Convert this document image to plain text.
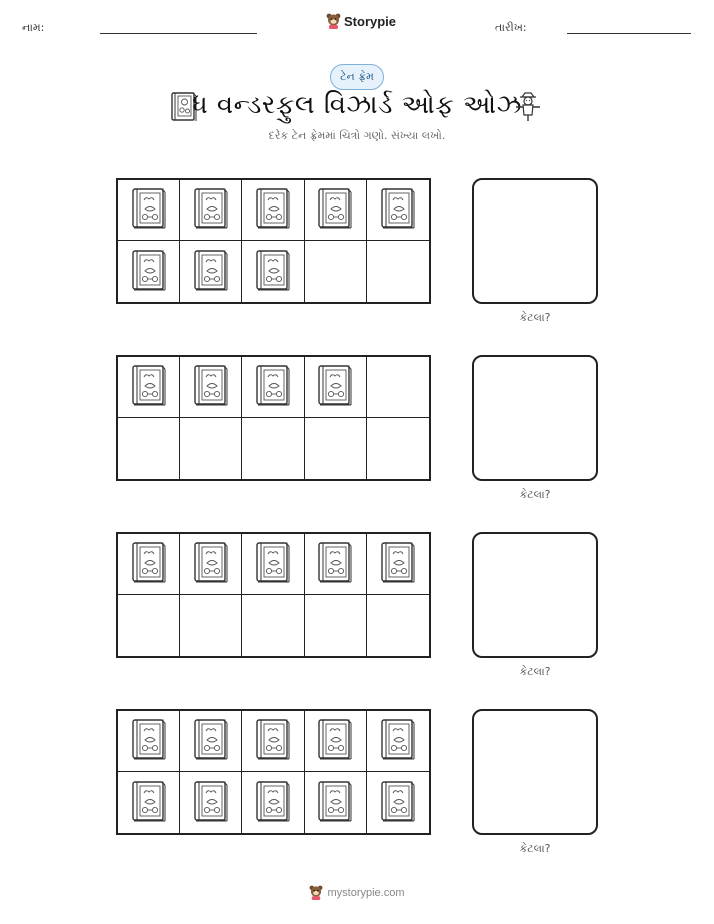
નામ:	Storypie	તારીખ:
ટેન ફ્રેમ
ધ વન્ડરફુલ વિઝાર્ડ ઓફ ઓઝ
દરેક ટેન ફ્રેમમાં ચિત્રો ગણો. સંખ્યા લખો.
કેટલા?
કેટલા?
કેટલા?
કેટલા?
mystorypie.com
